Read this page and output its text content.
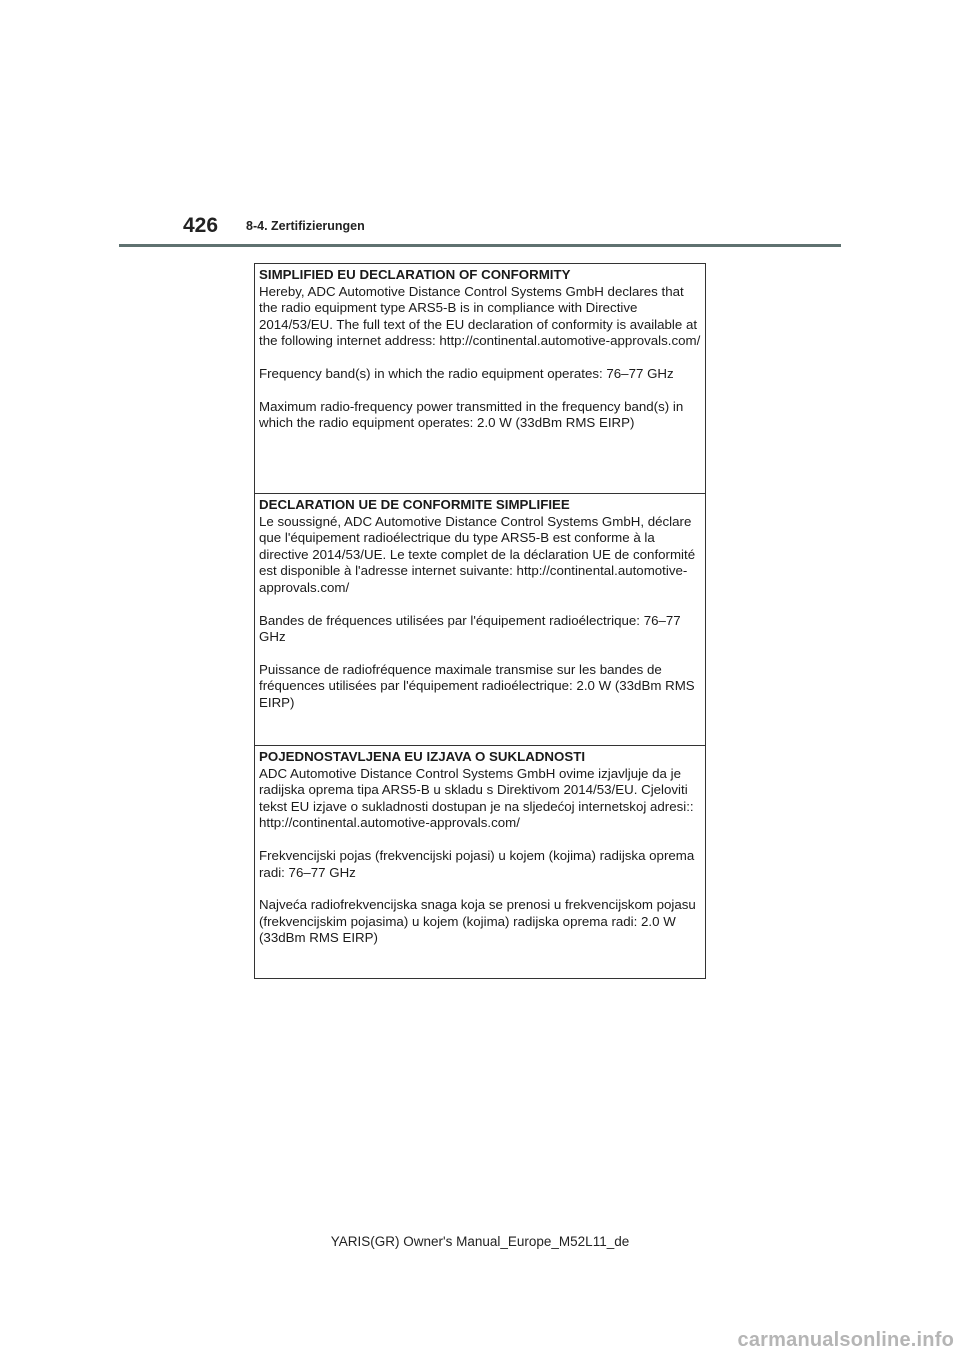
426 8-4. Zertifizierungen
SIMPLIFIED EU DECLARATION OF CONFORMITY
Hereby, ADC Automotive Distance Control Systems GmbH declares that the radio equipment type ARS5-B is in compliance with Directive 2014/53/EU. The full text of the EU declaration of conformity is available at the following internet address: http://continental.automotive-approvals.com/
Frequency band(s) in which the radio equipment operates: 76–77 GHz
Maximum radio-frequency power transmitted in the frequency band(s) in which the radio equipment operates: 2.0 W (33dBm RMS EIRP)
DECLARATION UE DE CONFORMITE SIMPLIFIEE
Le soussigné, ADC Automotive Distance Control Systems GmbH, déclare que l'équipement radioélectrique du type ARS5-B est conforme à la directive 2014/53/UE. Le texte complet de la déclaration UE de conformité est disponible à l'adresse internet suivante: http://continental.automotive-approvals.com/
Bandes de fréquences utilisées par l'équipement radioélectrique: 76–77 GHz
Puissance de radiofréquence maximale transmise sur les bandes de fréquences utilisées par l'équipement radioélectrique: 2.0 W (33dBm RMS EIRP)
POJEDNOSTAVLJENA EU IZJAVA O SUKLADNOSTI
ADC Automotive Distance Control Systems GmbH ovime izjavljuje da je radijska oprema tipa ARS5-B u skladu s Direktivom 2014/53/EU. Cjeloviti tekst EU izjave o sukladnosti dostupan je na sljedećoj internetskoj adresi:: http://continental.automotive-approvals.com/
Frekvencijski pojas (frekvencijski pojasi) u kojem (kojima) radijska oprema radi: 76–77 GHz
Najveća radiofrekvencijska snaga koja se prenosi u frekvencijskom pojasu (frekvencijskim pojasima) u kojem (kojima) radijska oprema radi: 2.0 W (33dBm RMS EIRP)
YARIS(GR) Owner's Manual_Europe_M52L11_de
carmanualsonline.info
